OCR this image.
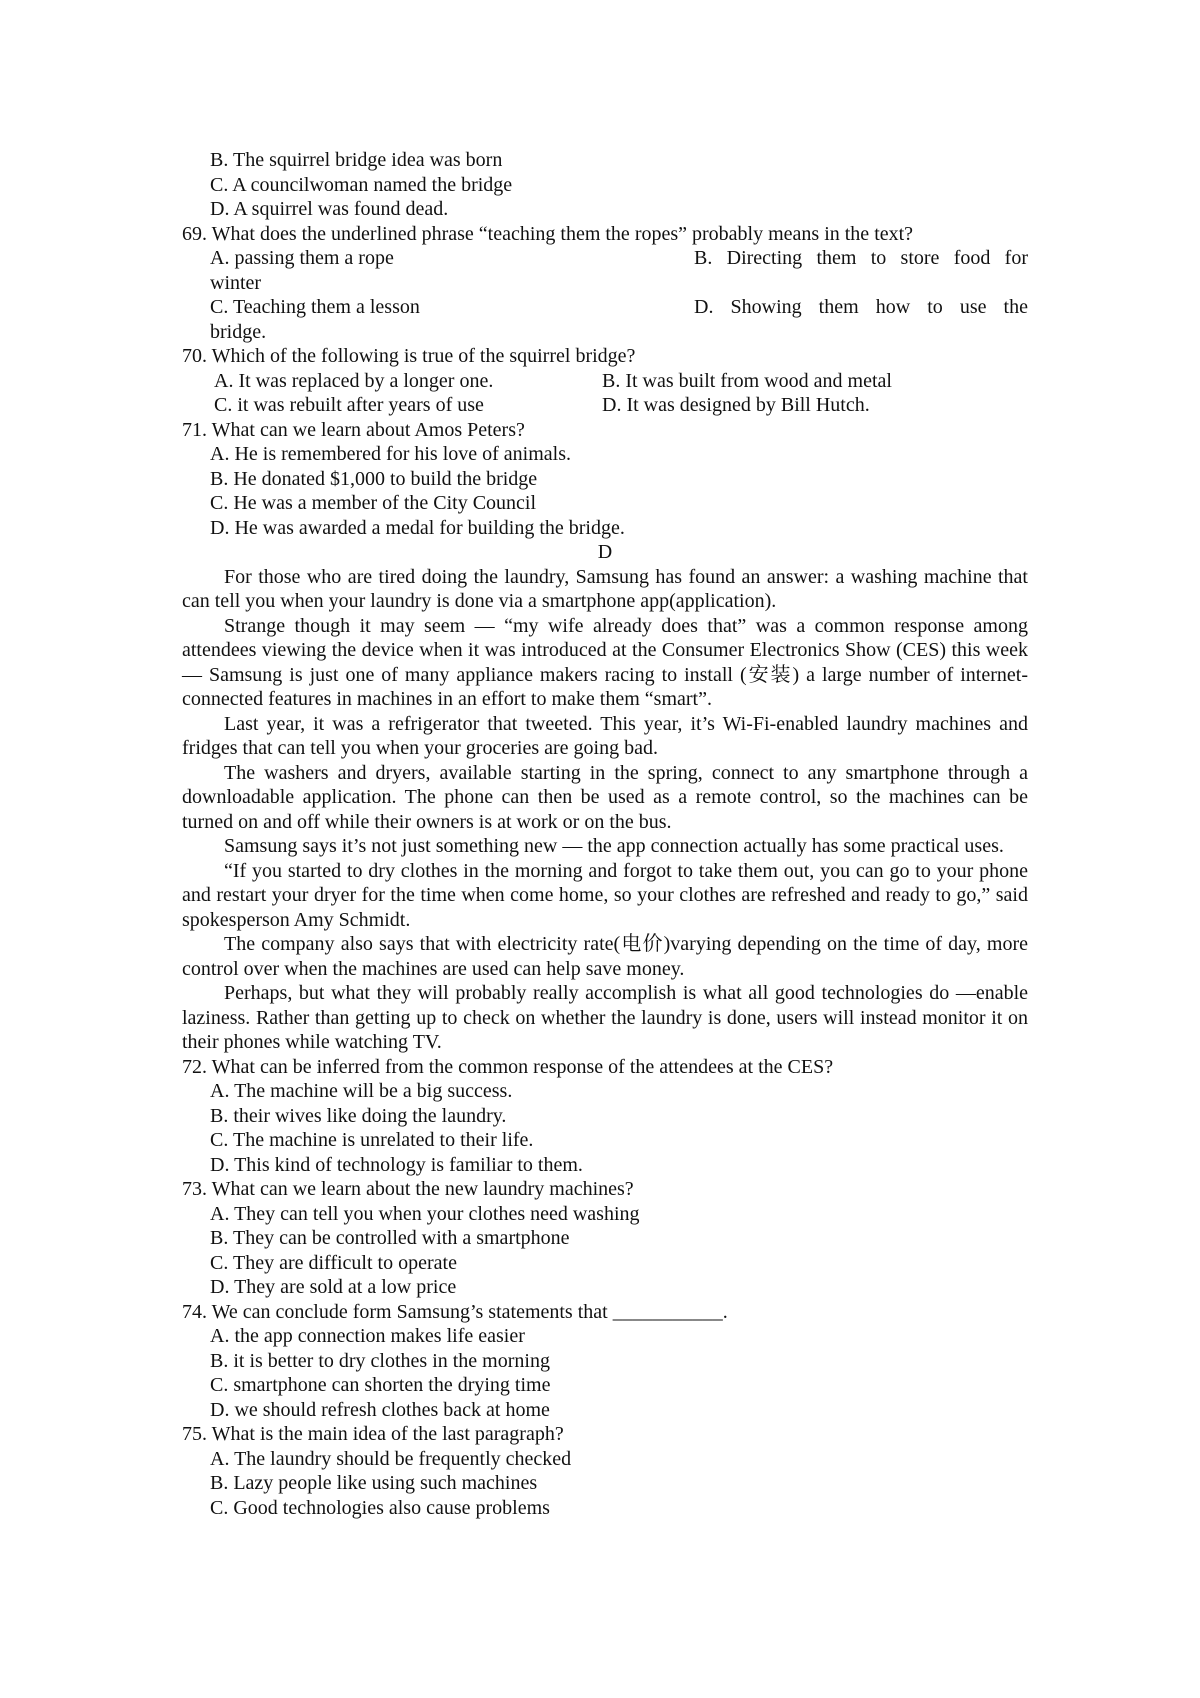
B. The squirrel bridge idea was born
C. A councilwoman named the bridge
D. A squirrel was found dead.
69. What does the underlined phrase “teaching them the ropes” probably means in the text?
A. passing them a rope	B. Directing them to store food for
winter
C. Teaching them a lesson	D. Showing them how to use the
bridge.
70. Which of the following is true of the squirrel bridge?
A. It was replaced by a longer one.	B. It was built from wood and metal
C. it was rebuilt after years of use	D. It was designed by Bill Hutch.
71. What can we learn about Amos Peters?
A. He is remembered for his love of animals.
B. He donated $1,000 to build the bridge
C. He was a member of the City Council
D. He was awarded a medal for building the bridge.
D
For those who are tired doing the laundry, Samsung has found an answer: a washing machine that can tell you when your laundry is done via a smartphone app(application).
Strange though it may seem — “my wife already does that” was a common response among attendees viewing the device when it was introduced at the Consumer Electronics Show (CES) this week — Samsung is just one of many appliance makers racing to install (安装) a large number of internet-connected features in machines in an effort to make them “smart”.
Last year, it was a refrigerator that tweeted. This year, it’s Wi-Fi-enabled laundry machines and fridges that can tell you when your groceries are going bad.
The washers and dryers, available starting in the spring, connect to any smartphone through a downloadable application. The phone can then be used as a remote control, so the machines can be turned on and off while their owners is at work or on the bus.
Samsung says it’s not just something new — the app connection actually has some practical uses.
“If you started to dry clothes in the morning and forgot to take them out, you can go to your phone and restart your dryer for the time when come home, so your clothes are refreshed and ready to go,” said spokesperson Amy Schmidt.
The company also says that with electricity rate(电价)varying depending on the time of day, more control over when the machines are used can help save money.
Perhaps, but what they will probably really accomplish is what all good technologies do —enable laziness. Rather than getting up to check on whether the laundry is done, users will instead monitor it on their phones while watching TV.
72. What can be inferred from the common response of the attendees at the CES?
A. The machine will be a big success.
B. their wives like doing the laundry.
C. The machine is unrelated to their life.
D. This kind of technology is familiar to them.
73. What can we learn about the new laundry machines?
A. They can tell you when your clothes need washing
B. They can be controlled with a smartphone
C. They are difficult to operate
D. They are sold at a low price
74. We can conclude form Samsung’s statements that ___________.
A. the app connection makes life easier
B. it is better to dry clothes in the morning
C. smartphone can shorten the drying time
D. we should refresh clothes back at home
75. What is the main idea of the last paragraph?
A. The laundry should be frequently checked
B. Lazy people like using such machines
C. Good technologies also cause problems
